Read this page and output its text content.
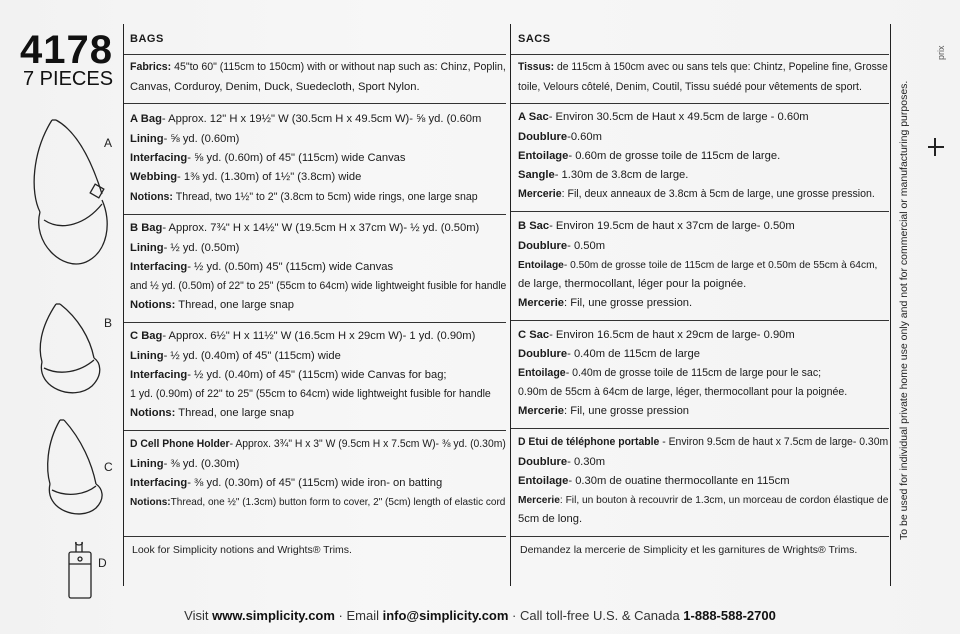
4178
7 PIECES
A
B
C
D
BAGS
Fabrics: 45"to 60" (115cm to 150cm) with or without nap such as: Chinz, Poplin,
Canvas, Corduroy, Denim, Duck, Suedecloth, Sport Nylon.
A Bag- Approx. 12" H x 19½" W (30.5cm H x 49.5cm W)- ⅝ yd. (0.60m
Lining- ⅝ yd. (0.60m)
Interfacing- ⅝ yd. (0.60m) of 45" (115cm) wide Canvas
Webbing- 1⅜ yd. (1.30m) of 1½" (3.8cm) wide
Notions: Thread, two 1½" to 2" (3.8cm to 5cm) wide rings, one large snap
B Bag- Approx. 7¾" H x 14½" W (19.5cm H x 37cm W)- ½ yd. (0.50m)
Lining- ½ yd. (0.50m)
Interfacing- ½ yd. (0.50m) 45" (115cm) wide Canvas
and ½ yd. (0.50m) of 22" to 25" (55cm to 64cm) wide lightweight fusible for handle
Notions: Thread, one large snap
C Bag- Approx. 6½" H x 11½" W (16.5cm H x 29cm W)- 1 yd. (0.90m)
Lining- ½ yd. (0.40m) of 45" (115cm) wide
Interfacing- ½ yd. (0.40m) of 45" (115cm) wide Canvas for bag;
1 yd. (0.90m) of 22" to 25" (55cm to 64cm) wide lightweight fusible for handle
Notions: Thread, one large snap
D Cell Phone Holder- Approx. 3¾" H x 3" W (9.5cm H x 7.5cm W)- ⅜ yd. (0.30m)
Lining- ⅜ yd. (0.30m)
Interfacing- ⅜ yd. (0.30m) of 45" (115cm) wide iron- on batting
Notions:Thread, one ½" (1.3cm) button form to cover, 2" (5cm) length of elastic cord
Look for Simplicity notions and Wrights® Trims.
SACS
Tissus: de 115cm à 150cm avec ou sans tels que: Chintz, Popeline fine, Grosse
toile, Velours côtelé, Denim, Coutil, Tissu suédé pour vêtements de sport.
A Sac- Environ 30.5cm de Haut x 49.5cm de large - 0.60m
Doublure-0.60m
Entoilage- 0.60m de grosse toile de 115cm de large.
Sangle- 1.30m de 3.8cm de large.
Mercerie: Fil, deux anneaux de 3.8cm à 5cm de large, une grosse pression.
B Sac- Environ 19.5cm de haut x 37cm de large- 0.50m
Doublure- 0.50m
Entoilage- 0.50m de grosse toile de 115cm de large et 0.50m de 55cm à 64cm,
de large, thermocollant, léger pour la poignée.
Mercerie: Fil, une grosse pression.
C Sac- Environ 16.5cm de haut x 29cm de large- 0.90m
Doublure- 0.40m de 115cm de large
Entoilage- 0.40m de grosse toile de 115cm de large pour le sac;
0.90m de 55cm à 64cm de large, léger, thermocollant pour la poignée.
Mercerie: Fil, une grosse pression
D Etui de téléphone portable - Environ 9.5cm de haut x 7.5cm de large- 0.30m
Doublure- 0.30m
Entoilage- 0.30m de ouatine thermocollante en 115cm
Mercerie: Fil, un bouton à recouvrir de 1.3cm, un morceau de cordon élastique de
5cm de long.
Demandez la mercerie de Simplicity et les garnitures de Wrights® Trims.
To be used for individual private home use only and not for commercial or manufacturing purposes.
prix
Visit www.simplicity.com · Email info@simplicity.com · Call toll-free U.S. & Canada 1-888-588-2700
